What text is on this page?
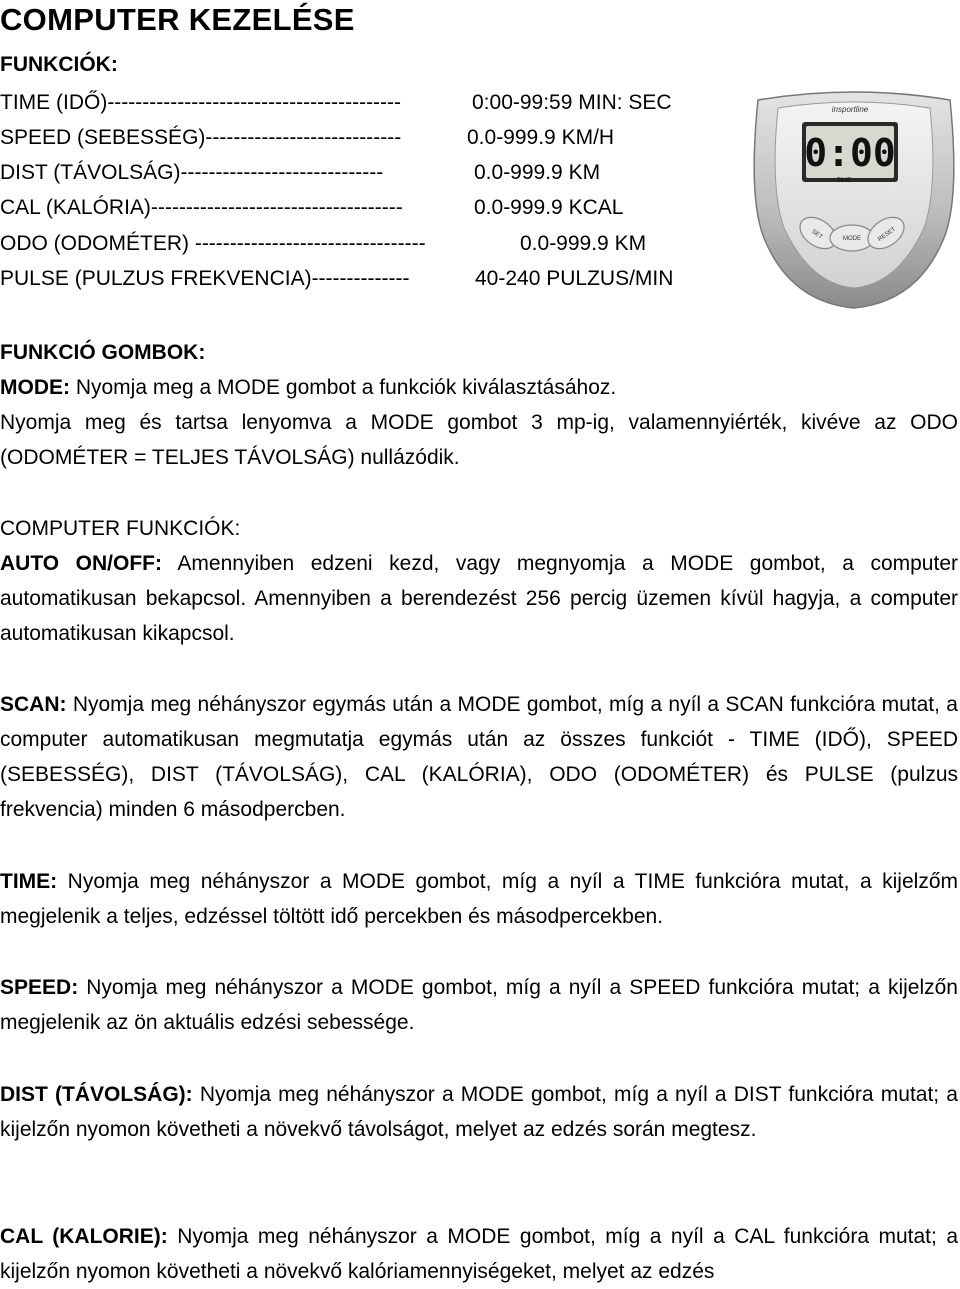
COMPUTER KEZELÉSE
FUNKCIÓK:
TIME (IDŐ)------------------------------------------	0:00-99:59 MIN: SEC
SPEED (SEBESSÉG)----------------------------	0.0-999.9 KM/H
DIST (TÁVOLSÁG)-----------------------------	0.0-999.9 KM
CAL (KALÓRIA)------------------------------------	0.0-999.9 KCAL
ODO (ODOMÉTER) ---------------------------------	0.0-999.9 KM
PULSE (PULZUS FREKVENCIA)--------------	40-240 PULZUS/MIN
insportline
0:00
TIME
SET	MODE	RESET
FUNKCIÓ GOMBOK:
MODE: Nyomja meg a MODE gombot a funkciók kiválasztásához.

Nyomja meg és tartsa lenyomva a MODE gombot 3 mp-ig, valamennyiérték, kivéve az ODO (ODOMÉTER = TELJES TÁVOLSÁG) nullázódik.

COMPUTER FUNKCIÓK:

AUTO ON/OFF: Amennyiben edzeni kezd, vagy megnyomja a MODE gombot, a computer automatikusan bekapcsol. Amennyiben a berendezést 256 percig üzemen kívül hagyja, a computer automatikusan kikapcsol.

SCAN: Nyomja meg néhányszor egymás után a MODE gombot, míg a nyíl a SCAN funkcióra mutat, a computer automatikusan megmutatja egymás után az összes funkciót - TIME (IDŐ), SPEED (SEBESSÉG), DIST (TÁVOLSÁG), CAL (KALÓRIA), ODO (ODOMÉTER) és PULSE (pulzus frekvencia) minden 6 másodpercben.

TIME: Nyomja meg néhányszor a MODE gombot, míg a nyíl a TIME funkcióra mutat, a kijelzőm megjelenik a teljes, edzéssel töltött idő percekben és másodpercekben.

SPEED: Nyomja meg néhányszor a MODE gombot, míg a nyíl a SPEED funkcióra mutat; a kijelzőn megjelenik az ön aktuális edzési sebessége.

DIST (TÁVOLSÁG): Nyomja meg néhányszor a MODE gombot, míg a nyíl a DIST funkcióra mutat; a kijelzőn nyomon követheti a növekvő távolságot, melyet az edzés során megtesz.

CAL (KALORIE): Nyomja meg néhányszor a MODE gombot, míg a nyíl a CAL funkcióra mutat; a kijelzőn nyomon követheti a növekvő kalóriamennyiségeket, melyet az edzés
